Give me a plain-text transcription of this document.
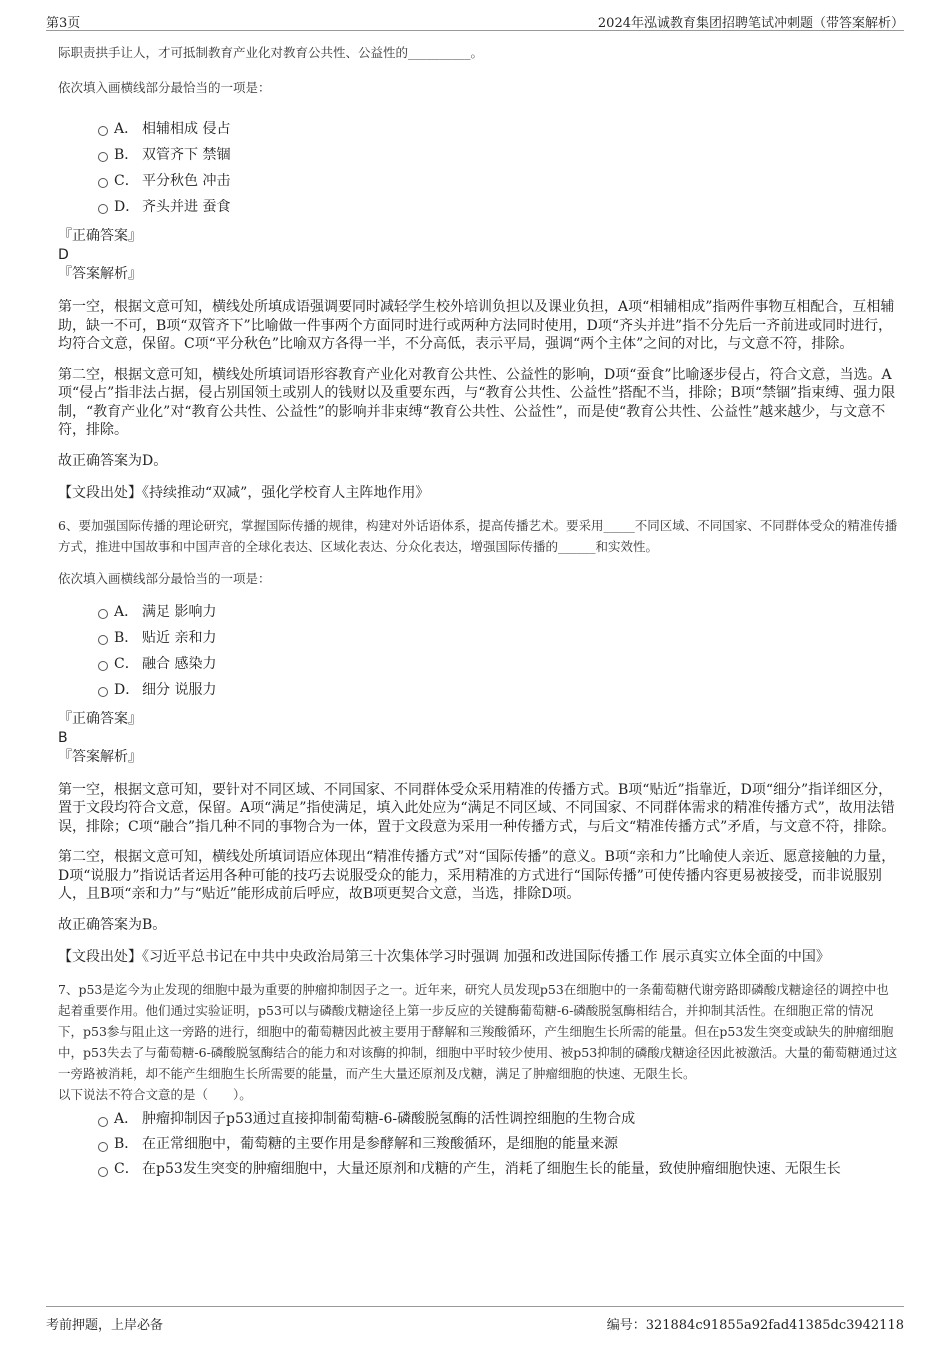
第3页	2024年泓诚教育集团招聘笔试冲刺题（带答案解析）

际职责拱手让人，才可抵制教育产业化对教育公共性、公益性的__________。

依次填入画横线部分最恰当的一项是：

A． 相辅相成 侵占
B． 双管齐下 禁锢
C． 平分秋色 冲击
D． 齐头并进 蚕食

『正确答案』

D

『答案解析』

第一空，根据文意可知，横线处所填成语强调要同时减轻学生校外培训负担以及课业负担，A项“相辅相成”指两件事物互相配合，互相辅助，缺一不可，B项“双管齐下”比喻做一件事两个方面同时进行或两种方法同时使用，D项“齐头并进”指不分先后一齐前进或同时进行，均符合文意，保留。C项“平分秋色”比喻双方各得一半，不分高低，表示平局，强调“两个主体”之间的对比，与文意不符，排除。

第二空，根据文意可知，横线处所填词语形容教育产业化对教育公共性、公益性的影响，D项“蚕食”比喻逐步侵占，符合文意，当选。A项“侵占”指非法占据，侵占别国领土或别人的钱财以及重要东西，与“教育公共性、公益性”搭配不当，排除；B项“禁锢”指束缚、强力限制，“教育产业化”对“教育公共性、公益性”的影响并非束缚“教育公共性、公益性”，而是使“教育公共性、公益性”越来越少，与文意不符，排除。

故正确答案为D。

【文段出处】《持续推动“双减”，强化学校育人主阵地作用》

6、要加强国际传播的理论研究，掌握国际传播的规律，构建对外话语体系，提高传播艺术。要采用_____不同区域、不同国家、不同群体受众的精准传播方式，推进中国故事和中国声音的全球化表达、区域化表达、分众化表达，增强国际传播的______和实效性。

依次填入画横线部分最恰当的一项是：

A． 满足 影响力
B． 贴近 亲和力
C． 融合 感染力
D． 细分 说服力

『正确答案』

B

『答案解析』

第一空，根据文意可知，要针对不同区域、不同国家、不同群体受众采用精准的传播方式。B项“贴近”指靠近，D项“细分”指详细区分，置于文段均符合文意，保留。A项“满足”指使满足，填入此处应为“满足不同区域、不同国家、不同群体需求的精准传播方式”，故用法错误，排除；C项“融合”指几种不同的事物合为一体，置于文段意为采用一种传播方式，与后文“精准传播方式”矛盾，与文意不符，排除。

第二空，根据文意可知，横线处所填词语应体现出“精准传播方式”对“国际传播”的意义。B项“亲和力”比喻使人亲近、愿意接触的力量，D项“说服力”指说话者运用各种可能的技巧去说服受众的能力，采用精准的方式进行“国际传播”可使传播内容更易被接受，而非说服别人，且B项“亲和力”与“贴近”能形成前后呼应，故B项更契合文意，当选，排除D项。

故正确答案为B。

【文段出处】《习近平总书记在中共中央政治局第三十次集体学习时强调 加强和改进国际传播工作 展示真实立体全面的中国》

7、p53是迄今为止发现的细胞中最为重要的肿瘤抑制因子之一。近年来，研究人员发现p53在细胞中的一条葡萄糖代谢旁路即磷酸戊糖途径的调控中也起着重要作用。他们通过实验证明，p53可以与磷酸戊糖途径上第一步反应的关键酶葡萄糖-6-磷酸脱氢酶相结合，并抑制其活性。在细胞正常的情况下，p53参与阻止这一旁路的进行，细胞中的葡萄糖因此被主要用于酵解和三羧酸循环，产生细胞生长所需的能量。但在p53发生突变或缺失的肿瘤细胞中，p53失去了与葡萄糖-6-磷酸脱氢酶结合的能力和对该酶的抑制，细胞中平时较少使用、被p53抑制的磷酸戊糖途径因此被激活。大量的葡萄糖通过这一旁路被消耗，却不能产生细胞生长所需要的能量，而产生大量还原剂及戊糖，满足了肿瘤细胞的快速、无限生长。

以下说法不符合文意的是（　　）。

A． 肿瘤抑制因子p53通过直接抑制葡萄糖-6-磷酸脱氢酶的活性调控细胞的生物合成
B． 在正常细胞中，葡萄糖的主要作用是参酵解和三羧酸循环，是细胞的能量来源
C． 在p53发生突变的肿瘤细胞中，大量还原剂和戊糖的产生，消耗了细胞生长的能量，致使肿瘤细胞快速、无限生长
考前押题，上岸必备	编号：321884c91855a92fad41385dc3942118
